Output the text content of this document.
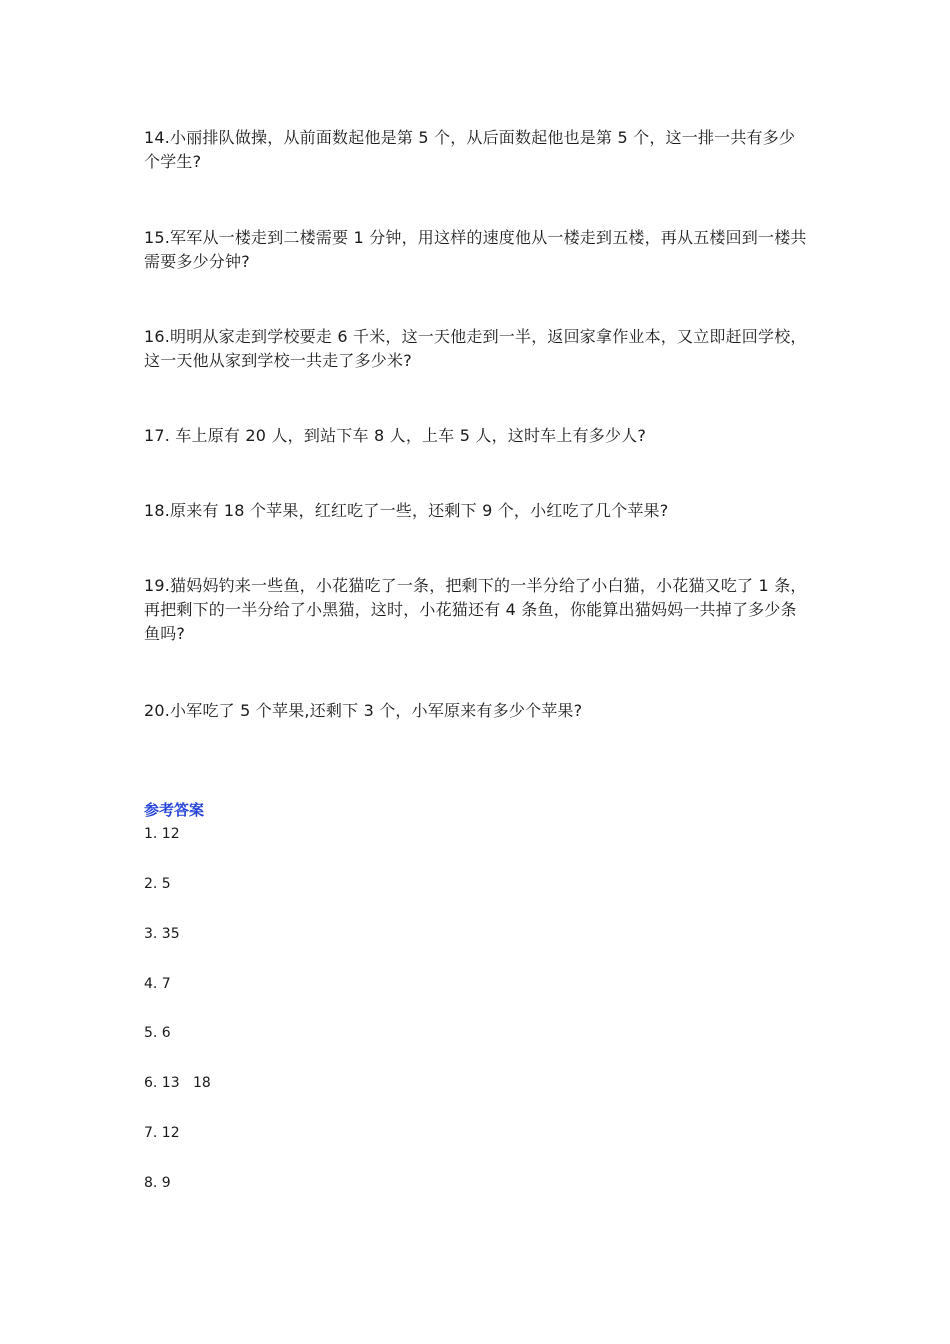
14.小丽排队做操，从前面数起他是第 5 个，从后面数起他也是第 5 个，这一排一共有多少个学生?

15.军军从一楼走到二楼需要 1 分钟，用这样的速度他从一楼走到五楼，再从五楼回到一楼共需要多少分钟?

16.明明从家走到学校要走 6 千米，这一天他走到一半，返回家拿作业本，又立即赶回学校，这一天他从家到学校一共走了多少米?

17. 车上原有 20 人，到站下车 8 人，上车 5 人，这时车上有多少人?

18.原来有 18 个苹果，红红吃了一些，还剩下 9 个，小红吃了几个苹果?

19.猫妈妈钓来一些鱼，小花猫吃了一条，把剩下的一半分给了小白猫，小花猫又吃了 1 条，再把剩下的一半分给了小黑猫，这时，小花猫还有 4 条鱼，你能算出猫妈妈一共掉了多少条鱼吗?

20.小军吃了 5 个苹果,还剩下 3 个，小军原来有多少个苹果?

参考答案

1. 12

2. 5

3. 35

4. 7

5. 6

6. 13   18

7. 12

8. 9
